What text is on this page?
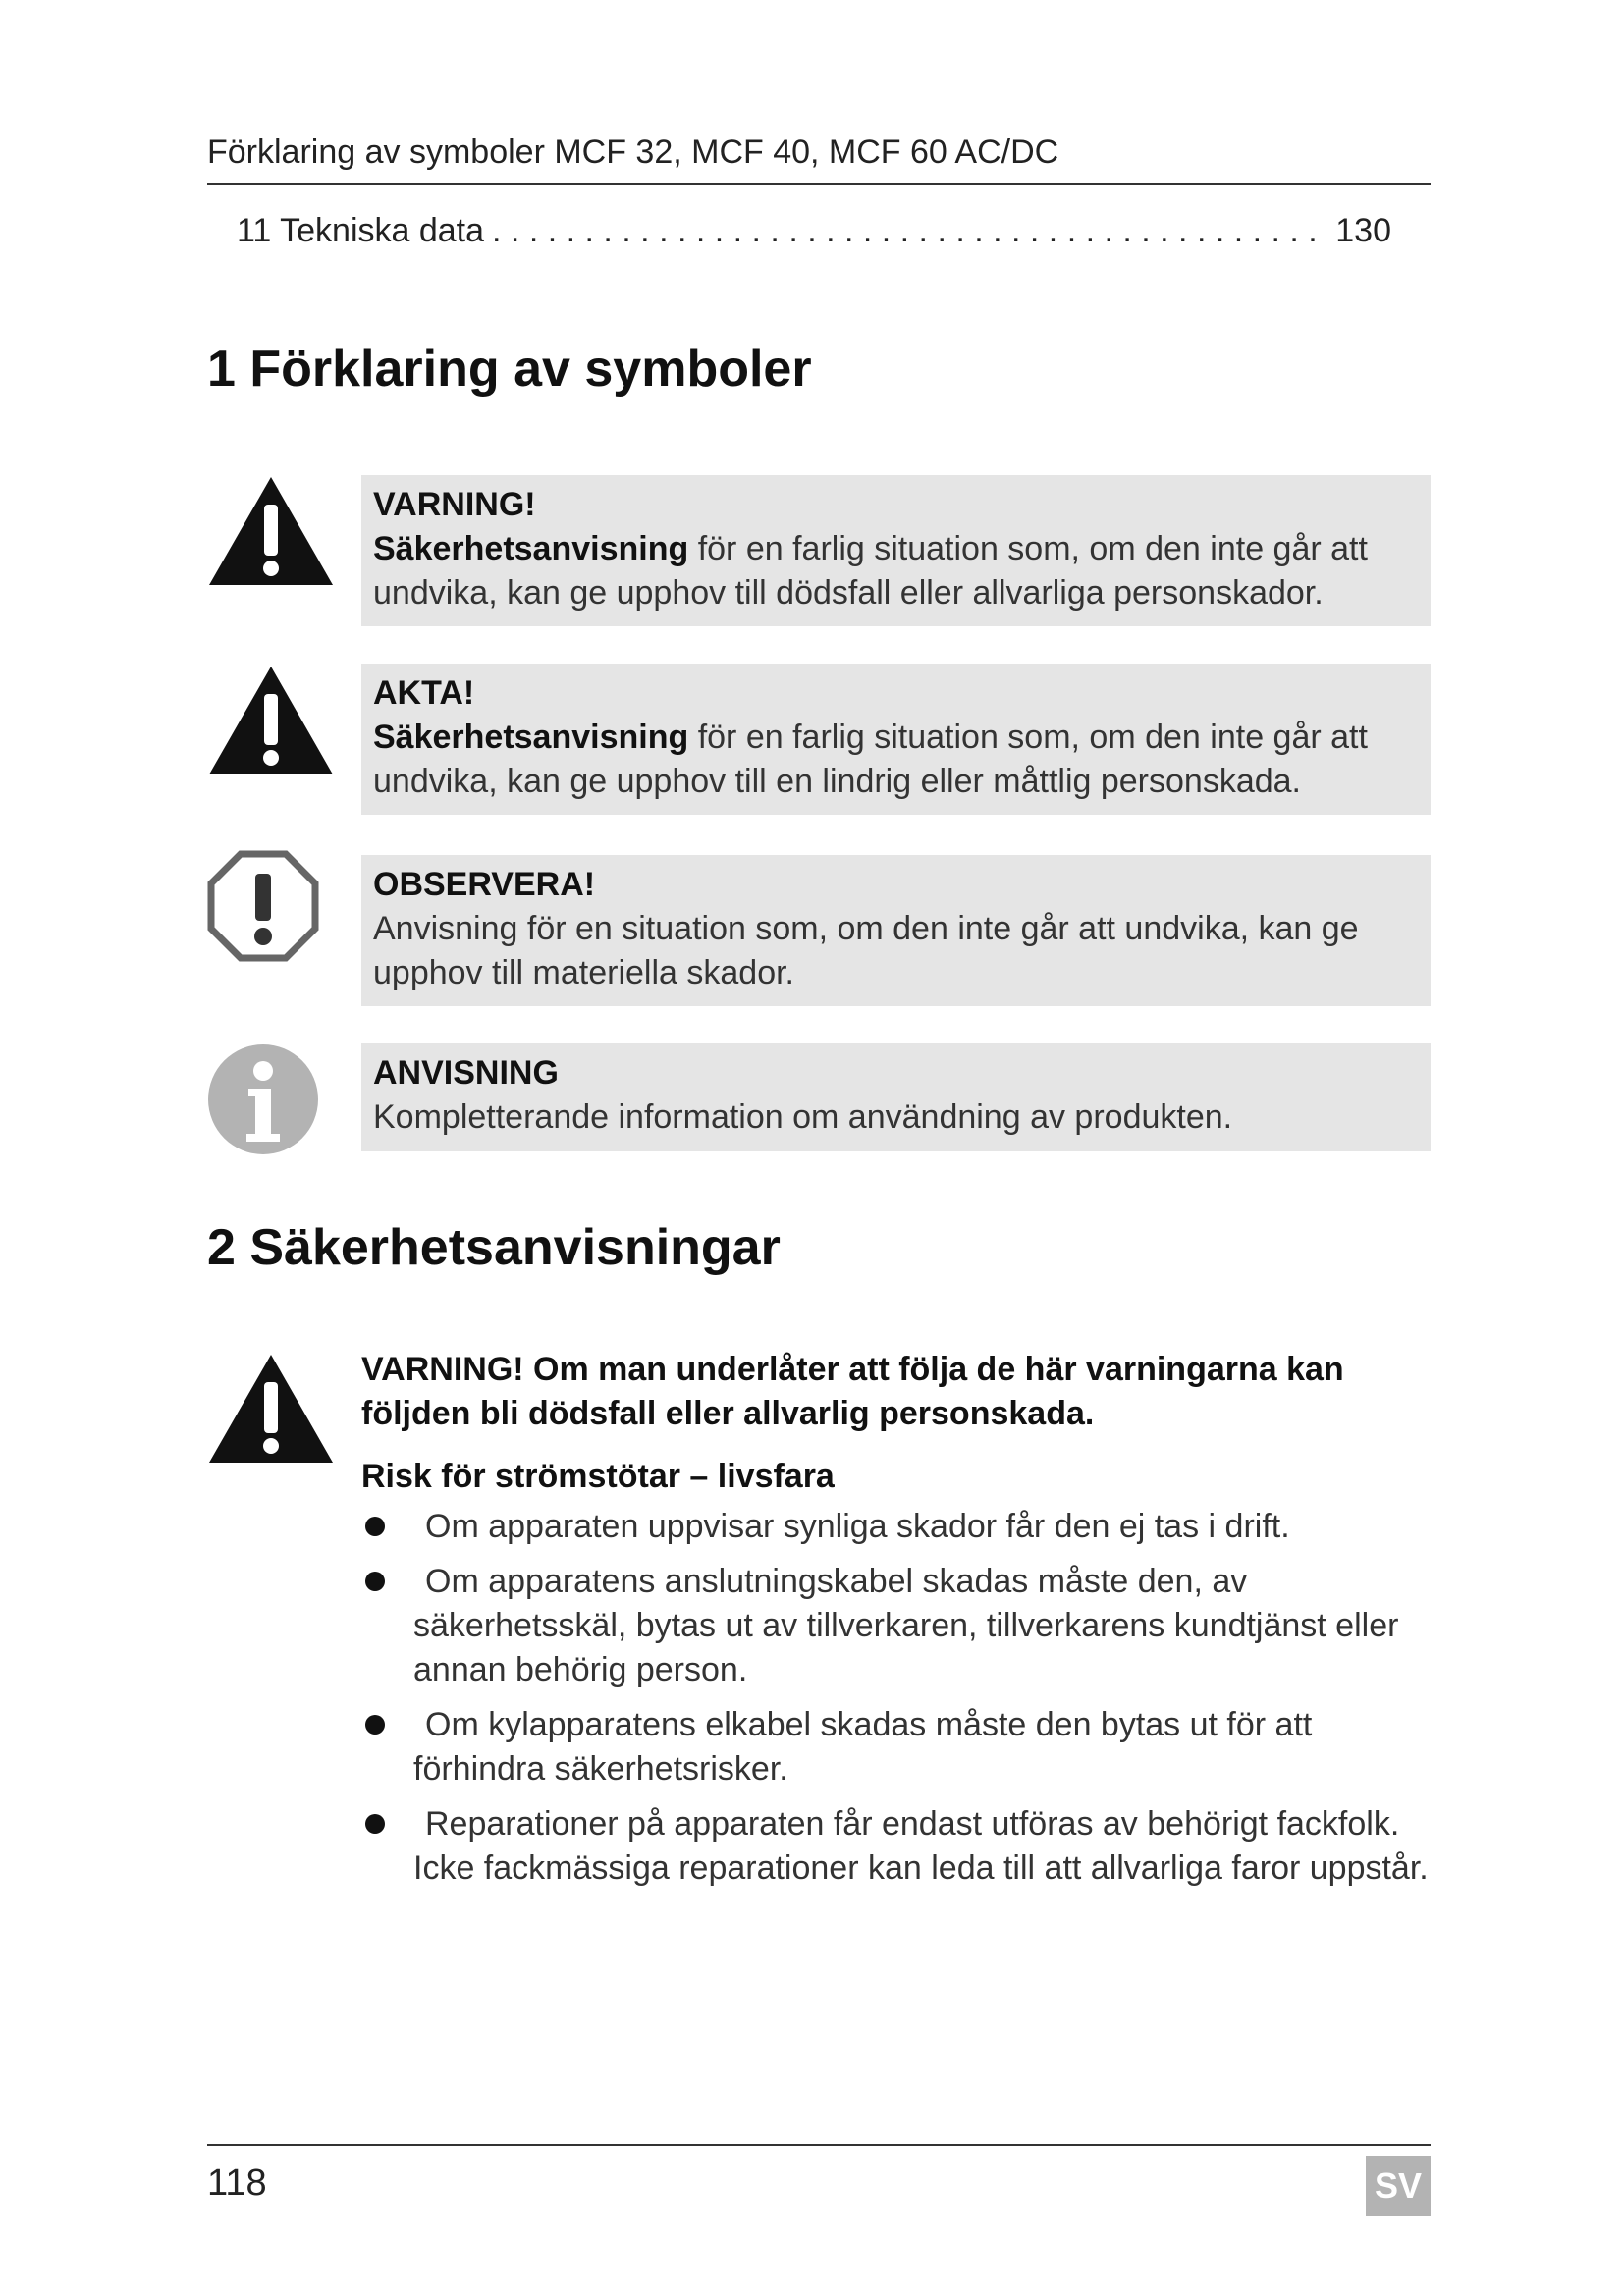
Förklaring av symboler MCF 32, MCF 40, MCF 60 AC/DC
11 Tekniska data . . .	130
1 Förklaring av symboler
VARNING!
Säkerhetsanvisning för en farlig situation som, om den inte går att undvika, kan ge upphov till dödsfall eller allvarliga personskador.
AKTA!
Säkerhetsanvisning för en farlig situation som, om den inte går att undvika, kan ge upphov till en lindrig eller måttlig personskada.
OBSERVERA!
Anvisning för en situation som, om den inte går att undvika, kan ge upphov till materiella skador.
ANVISNING
Kompletterande information om användning av produkten.
2 Säkerhetsanvisningar
VARNING! Om man underlåter att följa de här varningarna kan följden bli dödsfall eller allvarlig personskada.
Risk för strömstötar – livsfara
Om apparaten uppvisar synliga skador får den ej tas i drift.
Om apparatens anslutningskabel skadas måste den, av säkerhetsskäl, bytas ut av tillverkaren, tillverkarens kundtjänst eller annan behörig person.
Om kylapparatens elkabel skadas måste den bytas ut för att förhindra säkerhetsrisker.
Reparationer på apparaten får endast utföras av behörigt fackfolk. Icke fackmässiga reparationer kan leda till att allvarliga faror uppstår.
118	SV
